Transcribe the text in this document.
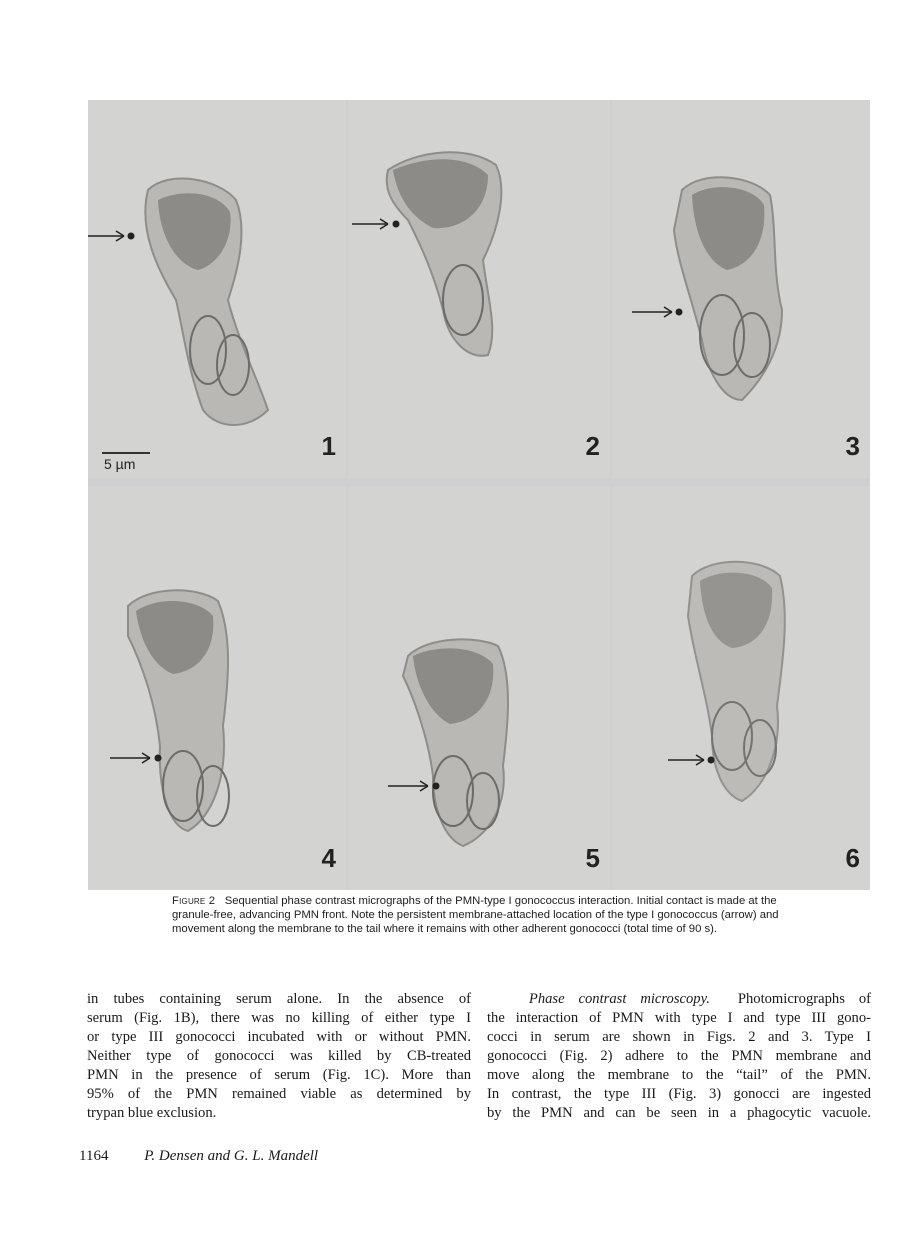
5 µm
1	2	3
4	5	6
Figure 2 Sequential phase contrast micrographs of the PMN-type I gonococcus interaction. Initial contact is made at the granule-free, advancing PMN front. Note the persistent membrane-attached location of the type I gonococcus (arrow) and movement along the membrane to the tail where it remains with other adherent gonococci (total time of 90 s).
in tubes containing serum alone. In the absence of
serum (Fig. 1B), there was no killing of either type I
or type III gonococci incubated with or without PMN.
Neither type of gonococci was killed by CB-treated
PMN in the presence of serum (Fig. 1C). More than
95% of the PMN remained viable as determined by
trypan blue exclusion.
Phase contrast microscopy. Photomicrographs of
the interaction of PMN with type I and type III gono-
cocci in serum are shown in Figs. 2 and 3. Type I
gonococci (Fig. 2) adhere to the PMN membrane and
move along the membrane to the “tail” of the PMN.
In contrast, the type III (Fig. 3) gonocci are ingested
by the PMN and can be seen in a phagocytic vacuole.
1164 P. Densen and G. L. Mandell
